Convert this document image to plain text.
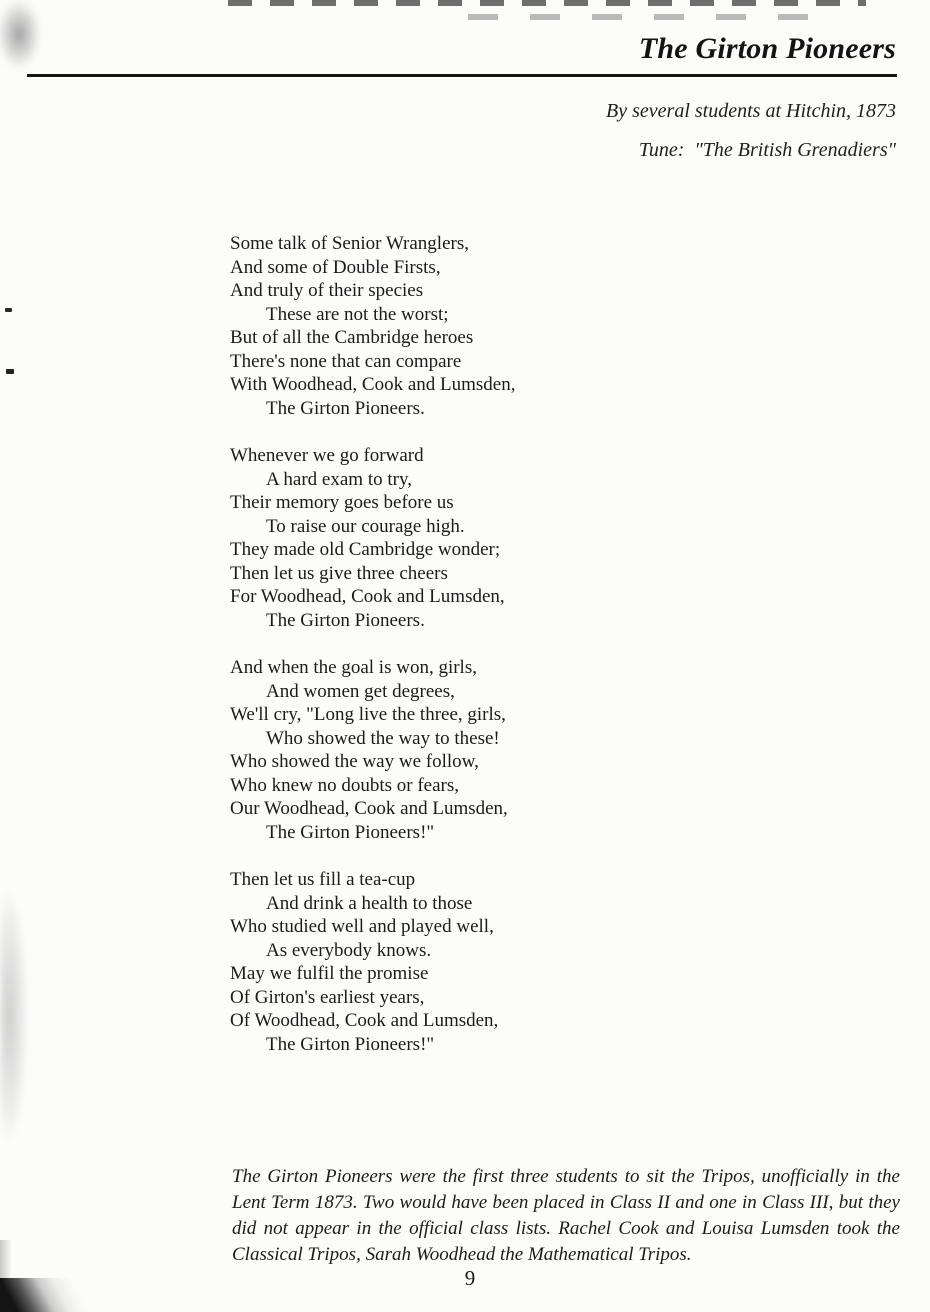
The Girton Pioneers
By several students at Hitchin, 1873
Tune:  "The British Grenadiers"
Some talk of Senior Wranglers,
And some of Double Firsts,
And truly of their species
These are not the worst;
But of all the Cambridge heroes
There's none that can compare
With Woodhead, Cook and Lumsden,
The Girton Pioneers.
Whenever we go forward
A hard exam to try,
Their memory goes before us
To raise our courage high.
They made old Cambridge wonder;
Then let us give three cheers
For Woodhead, Cook and Lumsden,
The Girton Pioneers.
And when the goal is won, girls,
And women get degrees,
We'll cry, "Long live the three, girls,
Who showed the way to these!
Who showed the way we follow,
Who knew no doubts or fears,
Our Woodhead, Cook and Lumsden,
The Girton Pioneers!"
Then let us fill a tea-cup
And drink a health to those
Who studied well and played well,
As everybody knows.
May we fulfil the promise
Of Girton's earliest years,
Of Woodhead, Cook and Lumsden,
The Girton Pioneers!"
The Girton Pioneers were the first three students to sit the Tripos, unofficially in the
Lent Term 1873. Two would have been placed in Class II and one in Class III, but they
did not appear in the official class lists. Rachel Cook and Louisa Lumsden took the
Classical Tripos, Sarah Woodhead the Mathematical Tripos.
9
